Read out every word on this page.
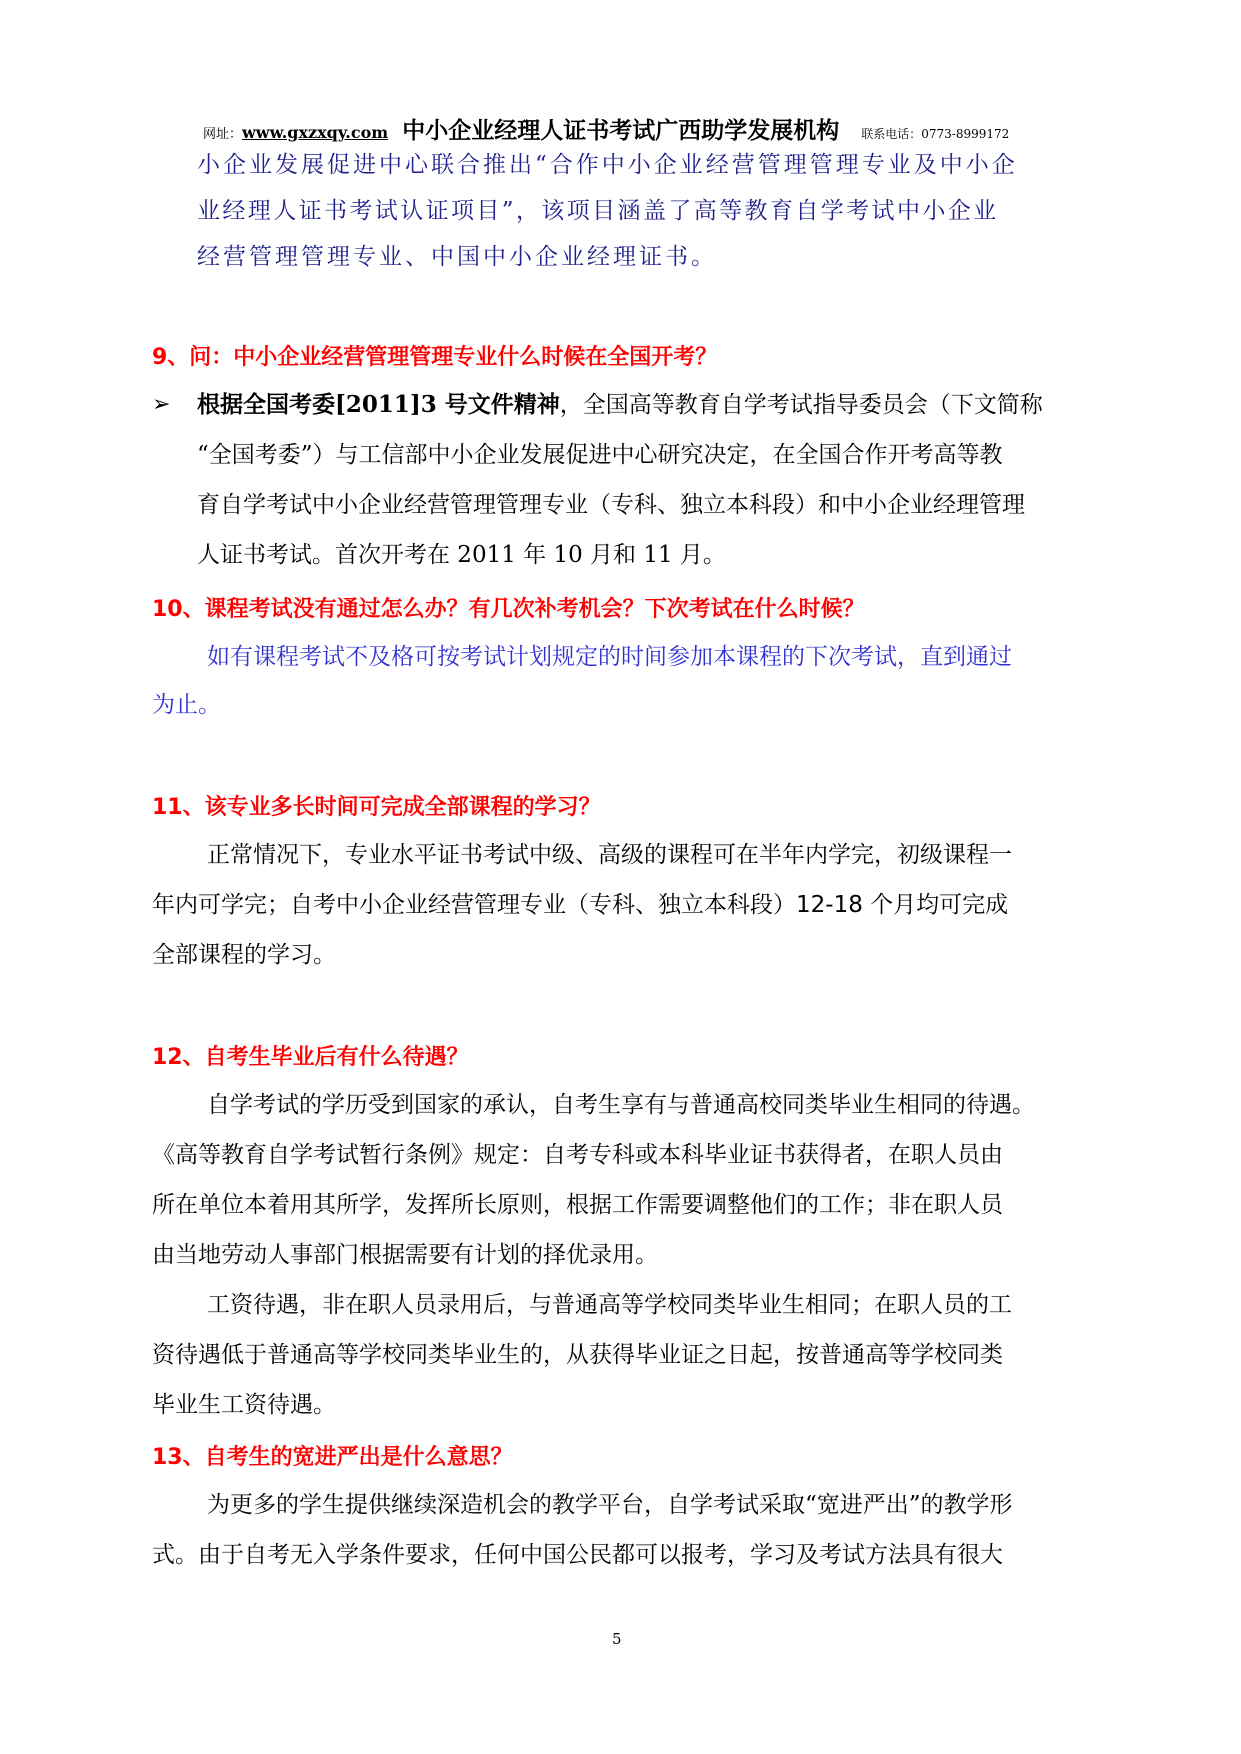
网址：www.gxzxqy.com 中小企业经理人证书考试广西助学发展机构 联系电话：0773-8999172
小企业发展促进中心联合推出“合作中小企业经营管理管理专业及中小企
业经理人证书考试认证项目”，该项目涵盖了高等教育自学考试中小企业
经营管理管理专业、中国中小企业经理证书。
9、问：中小企业经营管理管理专业什么时候在全国开考？
➢ 根据全国考委[2011]3 号文件精神，全国高等教育自学考试指导委员会（下文简称
“全国考委”）与工信部中小企业发展促进中心研究决定，在全国合作开考高等教
育自学考试中小企业经营管理管理专业（专科、独立本科段）和中小企业经理管理
人证书考试。首次开考在 2011 年 10 月和 11 月。
10、课程考试没有通过怎么办？有几次补考机会？下次考试在什么时候？
如有课程考试不及格可按考试计划规定的时间参加本课程的下次考试，直到通过
为止。
11、该专业多长时间可完成全部课程的学习？
正常情况下，专业水平证书考试中级、高级的课程可在半年内学完，初级课程一
年内可学完；自考中小企业经营管理专业（专科、独立本科段）12-18 个月均可完成
全部课程的学习。
12、自考生毕业后有什么待遇？
自学考试的学历受到国家的承认，自考生享有与普通高校同类毕业生相同的待遇。
《高等教育自学考试暂行条例》规定：自考专科或本科毕业证书获得者，在职人员由
所在单位本着用其所学，发挥所长原则，根据工作需要调整他们的工作；非在职人员
由当地劳动人事部门根据需要有计划的择优录用。
工资待遇，非在职人员录用后，与普通高等学校同类毕业生相同；在职人员的工
资待遇低于普通高等学校同类毕业生的，从获得毕业证之日起，按普通高等学校同类
毕业生工资待遇。
13、自考生的宽进严出是什么意思？
为更多的学生提供继续深造机会的教学平台，自学考试采取“宽进严出”的教学形
式。由于自考无入学条件要求，任何中国公民都可以报考，学习及考试方法具有很大
5
